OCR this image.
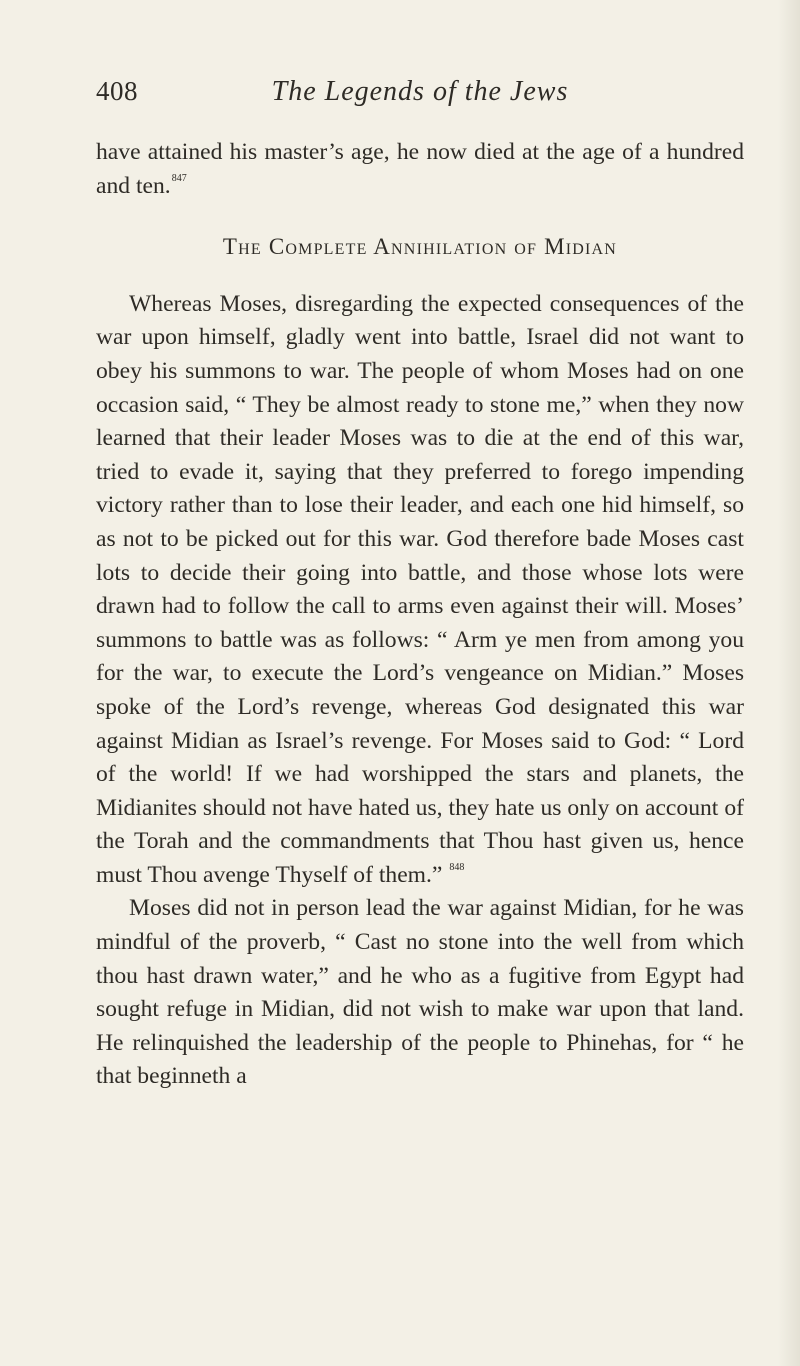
408	The Legends of the Jews

have attained his master’s age, he now died at the age of a hundred and ten.$^{847}$

The Complete Annihilation of Midian

Whereas Moses, disregarding the expected consequences of the war upon himself, gladly went into battle, Israel did not want to obey his summons to war. The people of whom Moses had on one occasion said, “ They be almost ready to stone me,” when they now learned that their leader Moses was to die at the end of this war, tried to evade it, saying that they preferred to forego impending victory rather than to lose their leader, and each one hid himself, so as not to be picked out for this war. God therefore bade Moses cast lots to decide their going into battle, and those whose lots were drawn had to follow the call to arms even against their will. Moses’ summons to battle was as follows: “ Arm ye men from among you for the war, to execute the Lord’s vengeance on Midian.” Moses spoke of the Lord’s revenge, whereas God designated this war against Midian as Israel’s revenge. For Moses said to God: “ Lord of the world! If we had worshipped the stars and planets, the Midianites should not have hated us, they hate us only on account of the Torah and the commandments that Thou hast given us, hence must Thou avenge Thyself of them.” $^{848}$

Moses did not in person lead the war against Midian, for he was mindful of the proverb, “ Cast no stone into the well from which thou hast drawn water,” and he who as a fugitive from Egypt had sought refuge in Midian, did not wish to make war upon that land. He relinquished the leadership of the people to Phinehas, for “ he that beginneth a
